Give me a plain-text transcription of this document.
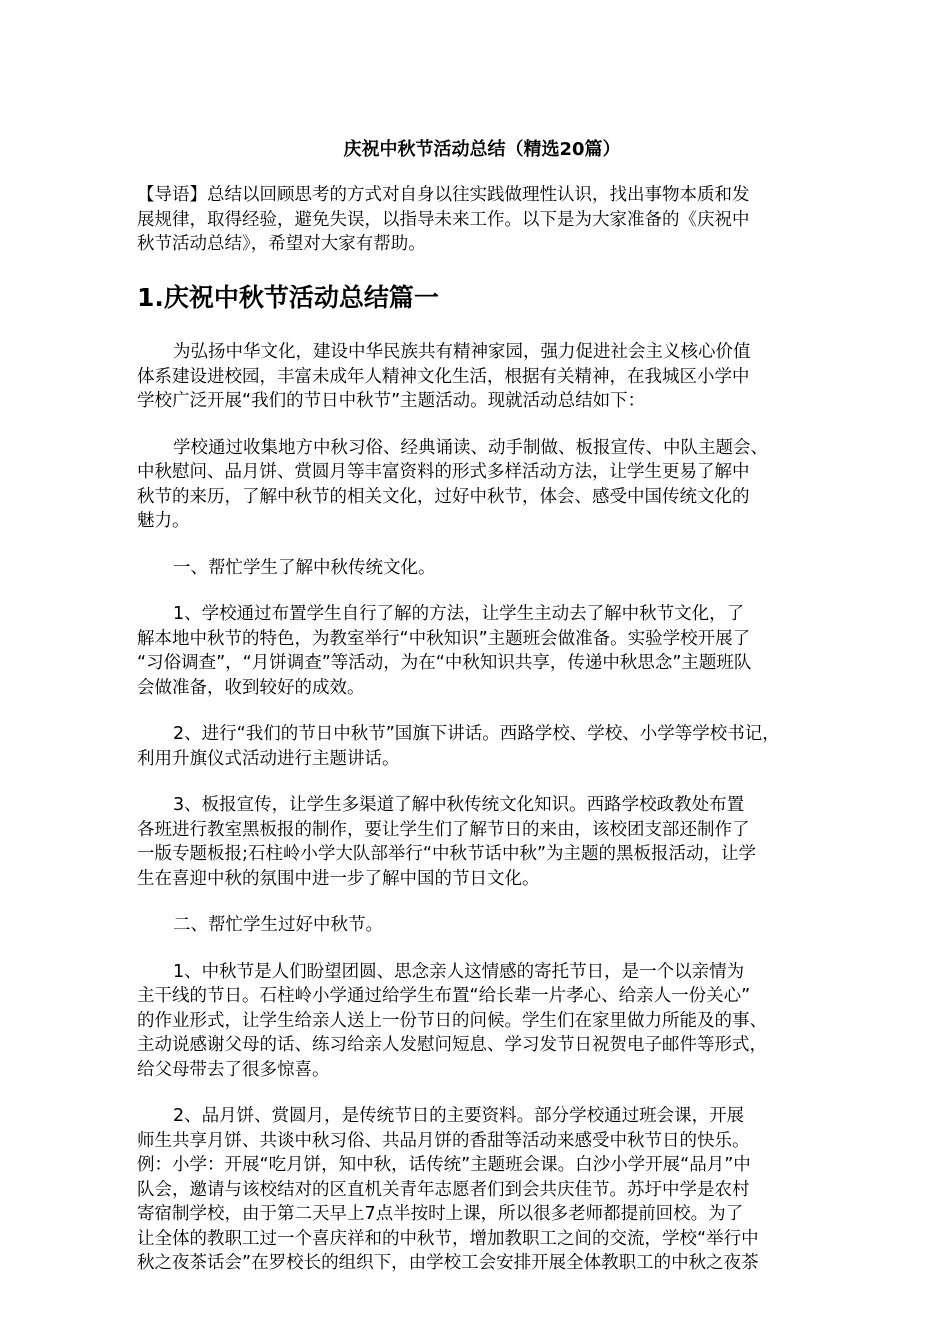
庆祝中秋节活动总结（精选20篇）
【导语】总结以回顾思考的方式对自身以往实践做理性认识，找出事物本质和发
展规律，取得经验，避免失误，以指导未来工作。以下是为大家准备的《庆祝中
秋节活动总结》，希望对大家有帮助。
1.庆祝中秋节活动总结篇一
为弘扬中华文化，建设中华民族共有精神家园，强力促进社会主义核心价值
体系建设进校园，丰富未成年人精神文化生活，根据有关精神，在我城区小学中
学校广泛开展“我们的节日中秋节”主题活动。现就活动总结如下：
学校通过收集地方中秋习俗、经典诵读、动手制做、板报宣传、中队主题会、
中秋慰问、品月饼、赏圆月等丰富资料的形式多样活动方法，让学生更易了解中
秋节的来历，了解中秋节的相关文化，过好中秋节，体会、感受中国传统文化的
魅力。
一、帮忙学生了解中秋传统文化。
1、学校通过布置学生自行了解的方法，让学生主动去了解中秋节文化，了
解本地中秋节的特色，为教室举行“中秋知识”主题班会做准备。实验学校开展了
“习俗调查”，“月饼调查”等活动，为在“中秋知识共享，传递中秋思念”主题班队
会做准备，收到较好的成效。
2、进行“我们的节日中秋节”国旗下讲话。西路学校、学校、小学等学校书记，
利用升旗仪式活动进行主题讲话。
3、板报宣传，让学生多渠道了解中秋传统文化知识。西路学校政教处布置
各班进行教室黑板报的制作，要让学生们了解节日的来由，该校团支部还制作了
一版专题板报;石柱岭小学大队部举行“中秋节话中秋”为主题的黑板报活动，让学
生在喜迎中秋的氛围中进一步了解中国的节日文化。
二、帮忙学生过好中秋节。
1、中秋节是人们盼望团圆、思念亲人这情感的寄托节日，是一个以亲情为
主干线的节日。石柱岭小学通过给学生布置“给长辈一片孝心、给亲人一份关心”
的作业形式，让学生给亲人送上一份节日的问候。学生们在家里做力所能及的事、
主动说感谢父母的话、练习给亲人发慰问短息、学习发节日祝贺电子邮件等形式，
给父母带去了很多惊喜。
2、品月饼、赏圆月，是传统节日的主要资料。部分学校通过班会课，开展
师生共享月饼、共谈中秋习俗、共品月饼的香甜等活动来感受中秋节日的快乐。
例：小学：开展“吃月饼，知中秋，话传统”主题班会课。白沙小学开展“品月”中
队会，邀请与该校结对的区直机关青年志愿者们到会共庆佳节。苏圩中学是农村
寄宿制学校，由于第二天早上7点半按时上课，所以很多老师都提前回校。为了
让全体的教职工过一个喜庆祥和的中秋节，增加教职工之间的交流，学校“举行中
秋之夜茶话会”在罗校长的组织下，由学校工会安排开展全体教职工的中秋之夜茶
